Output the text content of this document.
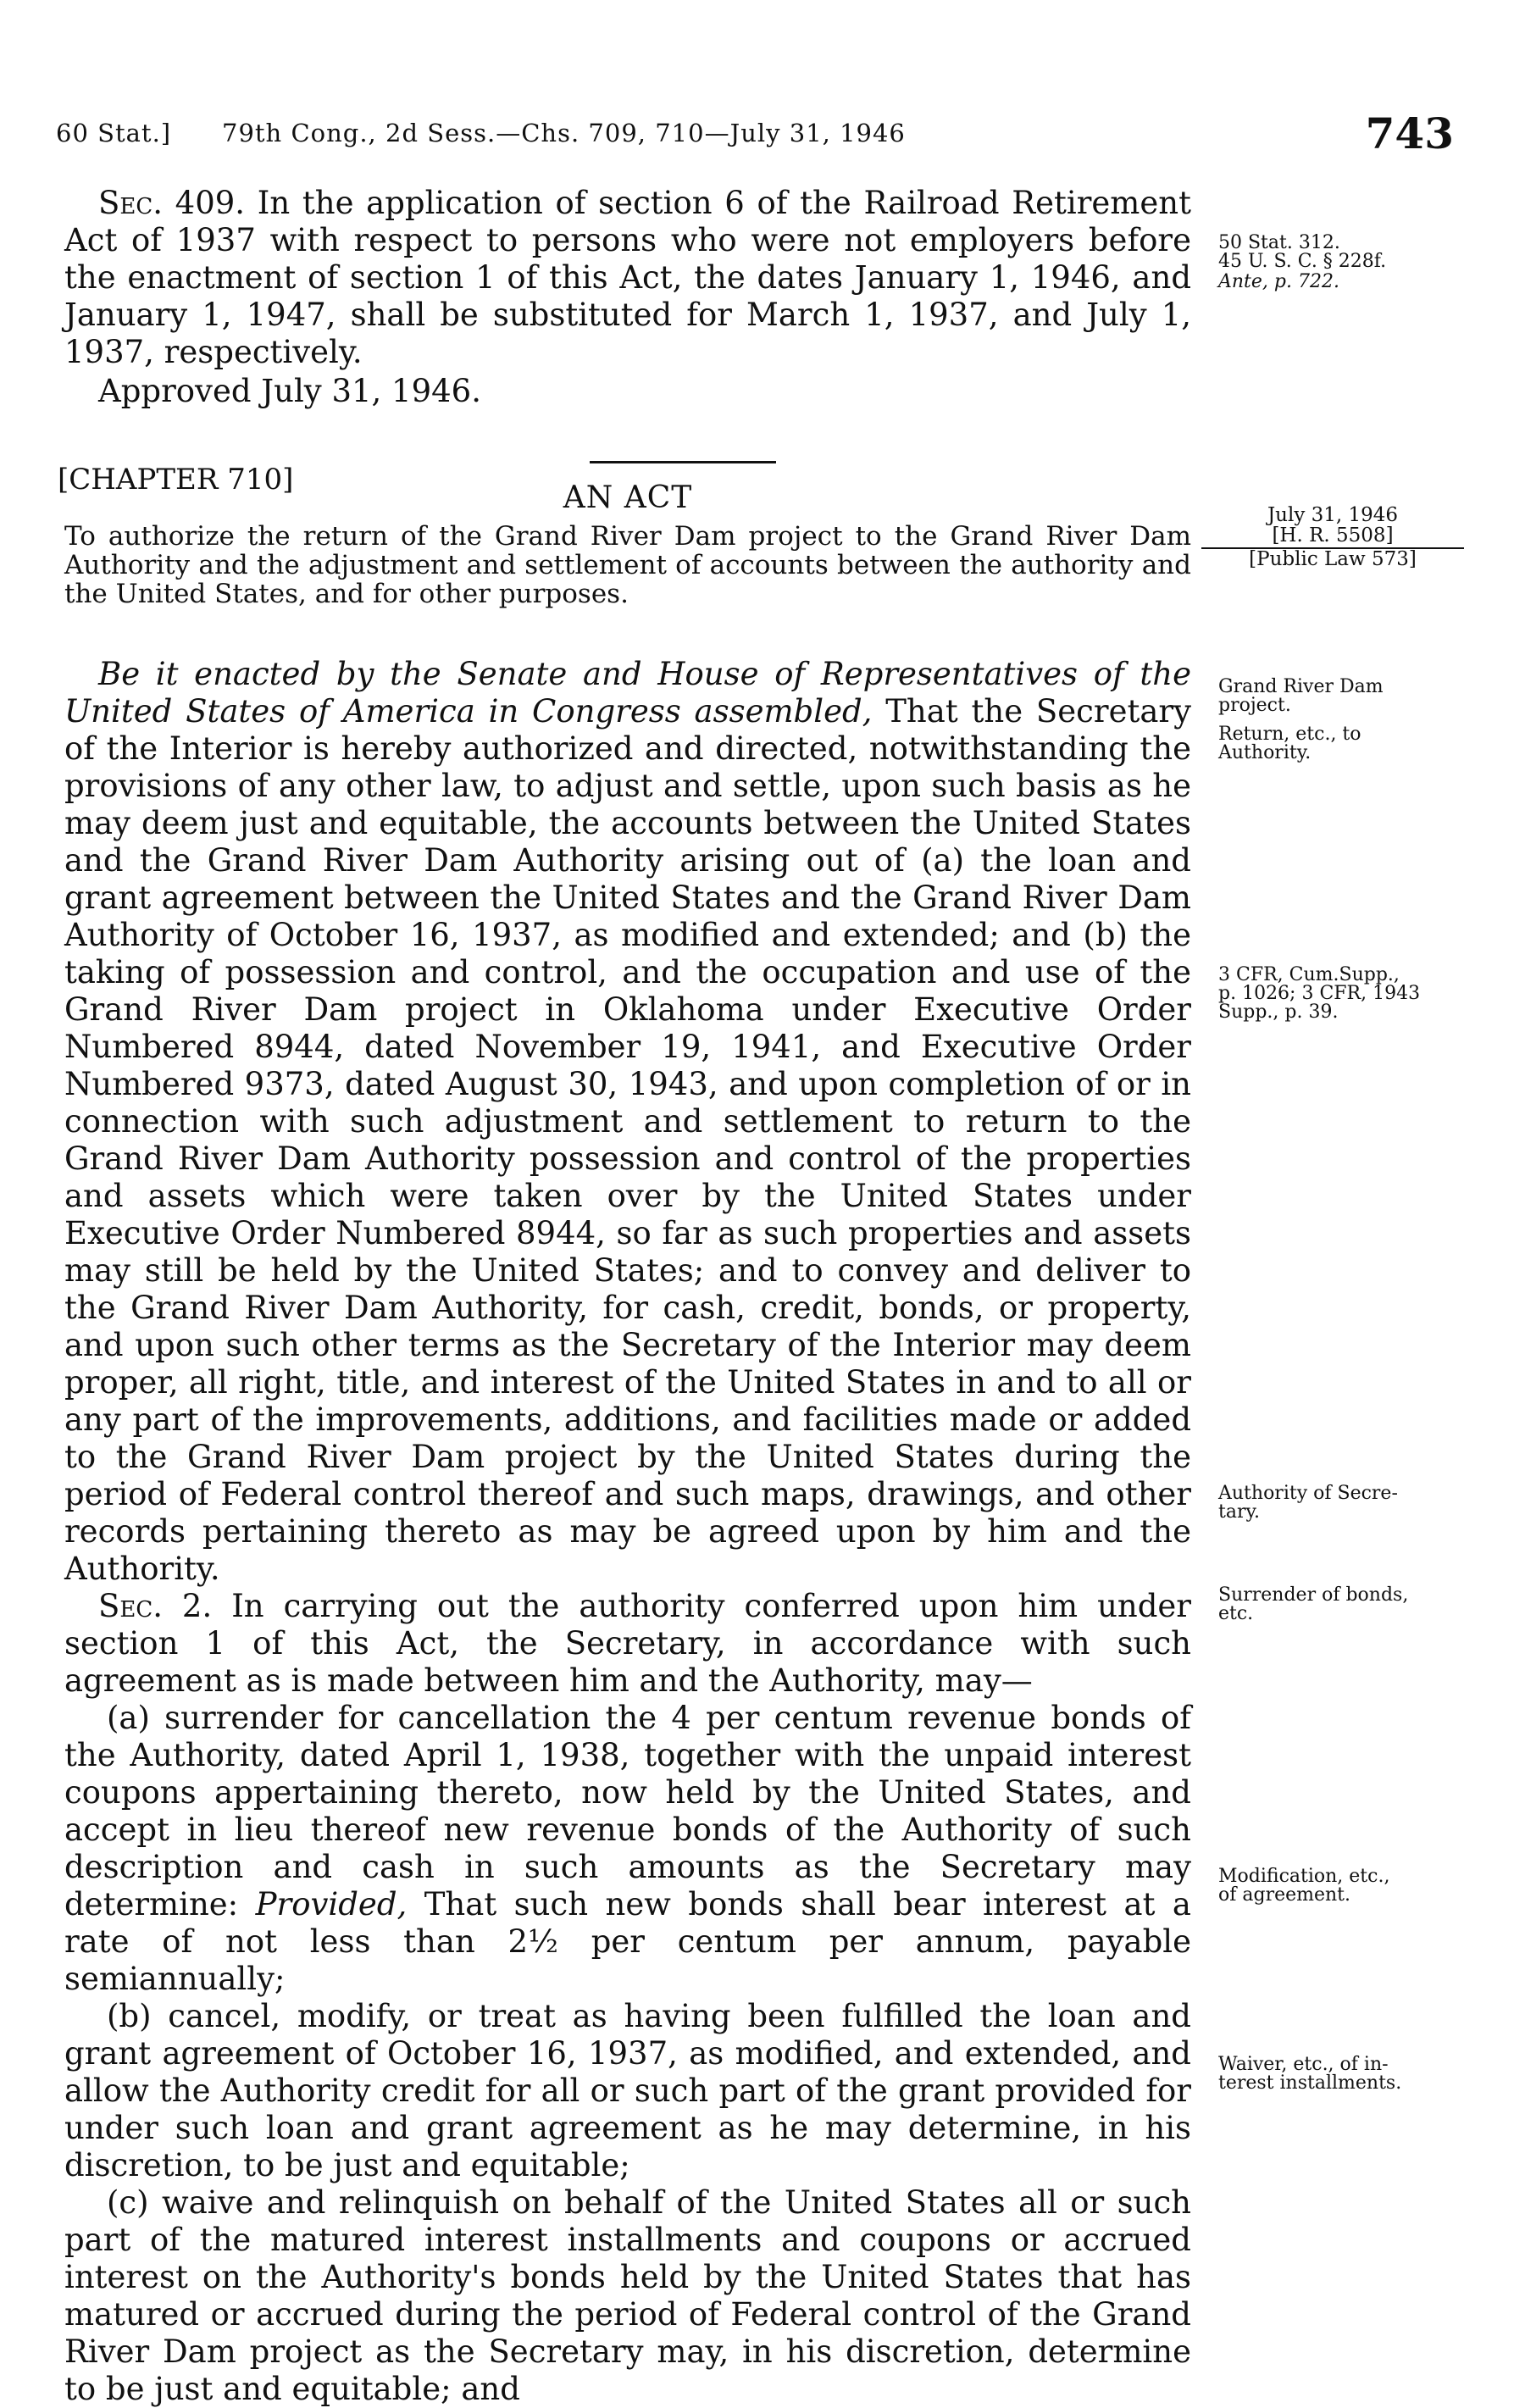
60 Stat.]	79th Cong., 2d Sess.—Chs. 709, 710—July 31, 1946	743

Sec. 409. In the application of section 6 of the Railroad Retirement Act of 1937 with respect to persons who were not employers before the enactment of section 1 of this Act, the dates January 1, 1946, and January 1, 1947, shall be substituted for March 1, 1937, and July 1, 1937, respectively.

Approved July 31, 1946.

[CHAPTER 710]
AN ACT
To authorize the return of the Grand River Dam project to the Grand River Dam Authority and the adjustment and settlement of accounts between the authority and the United States, and for other purposes.

Be it enacted by the Senate and House of Representatives of the United States of America in Congress assembled, That the Secretary of the Interior is hereby authorized and directed, notwithstanding the provisions of any other law, to adjust and settle, upon such basis as he may deem just and equitable, the accounts between the United States and the Grand River Dam Authority arising out of (a) the loan and grant agreement between the United States and the Grand River Dam Authority of October 16, 1937, as modified and extended; and (b) the taking of possession and control, and the occupation and use of the Grand River Dam project in Oklahoma under Executive Order Numbered 8944, dated November 19, 1941, and Executive Order Numbered 9373, dated August 30, 1943, and upon completion of or in connection with such adjustment and settlement to return to the Grand River Dam Authority possession and control of the properties and assets which were taken over by the United States under Executive Order Numbered 8944, so far as such properties and assets may still be held by the United States; and to convey and deliver to the Grand River Dam Authority, for cash, credit, bonds, or property, and upon such other terms as the Secretary of the Interior may deem proper, all right, title, and interest of the United States in and to all or any part of the improvements, additions, and facilities made or added to the Grand River Dam project by the United States during the period of Federal control thereof and such maps, drawings, and other records pertaining thereto as may be agreed upon by him and the Authority.

Sec. 2. In carrying out the authority conferred upon him under section 1 of this Act, the Secretary, in accordance with such agreement as is made between him and the Authority, may—

(a) surrender for cancellation the 4 per centum revenue bonds of the Authority, dated April 1, 1938, together with the unpaid interest coupons appertaining thereto, now held by the United States, and accept in lieu thereof new revenue bonds of the Authority of such description and cash in such amounts as the Secretary may determine: Provided, That such new bonds shall bear interest at a rate of not less than 2½ per centum per annum, payable semiannually;

(b) cancel, modify, or treat as having been fulfilled the loan and grant agreement of October 16, 1937, as modified, and extended, and allow the Authority credit for all or such part of the grant provided for under such loan and grant agreement as he may determine, in his discretion, to be just and equitable;

(c) waive and relinquish on behalf of the United States all or such part of the matured interest installments and coupons or accrued interest on the Authority's bonds held by the United States that has matured or accrued during the period of Federal control of the Grand River Dam project as the Secretary may, in his discretion, determine to be just and equitable; and

50 Stat. 312.
45 U. S. C. § 228f.
Ante, p. 722.
July 31, 1946
[H. R. 5508]
[Public Law 573]
Grand River Dam
project.
Return, etc., to
Authority.
3 CFR, Cum.Supp.,
p. 1026; 3 CFR, 1943
Supp., p. 39.
Authority of Secre-
tary.
Surrender of bonds,
etc.
Modification, etc.,
of agreement.
Waiver, etc., of in-
terest installments.
